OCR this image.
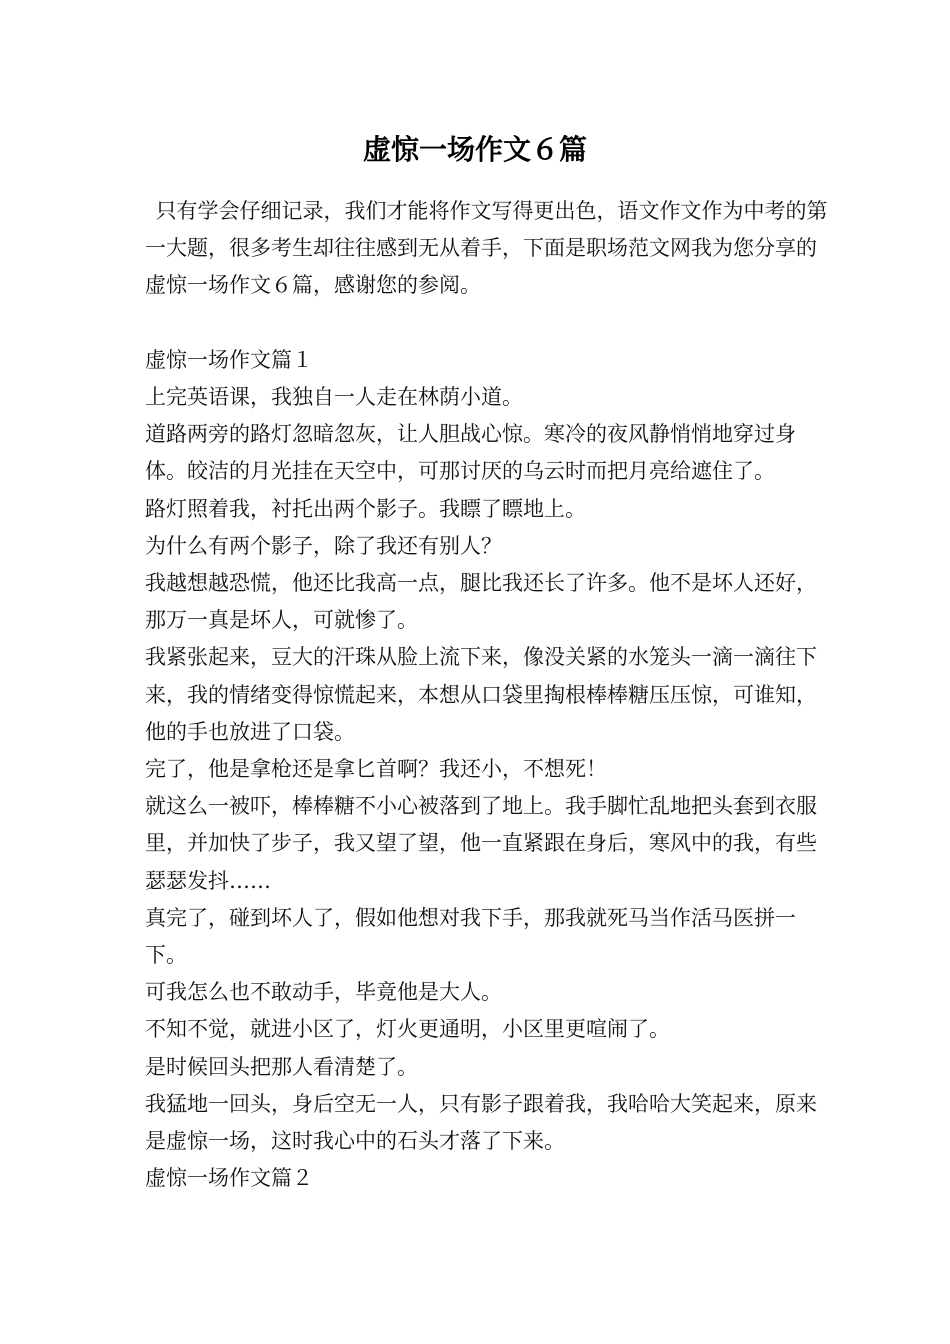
虚惊一场作文６篇

只有学会仔细记录，我们才能将作文写得更出色，语文作文作为中考的第一大题，很多考生却往往感到无从着手，下面是职场范文网我为您分享的虚惊一场作文６篇，感谢您的参阅。

虚惊一场作文篇１

上完英语课，我独自一人走在林荫小道。

道路两旁的路灯忽暗忽灰，让人胆战心惊。寒冷的夜风静悄悄地穿过身体。皎洁的月光挂在天空中，可那讨厌的乌云时而把月亮给遮住了。

路灯照着我，衬托出两个影子。我瞟了瞟地上。

为什么有两个影子，除了我还有别人？

我越想越恐慌，他还比我高一点，腿比我还长了许多。他不是坏人还好，那万一真是坏人，可就惨了。

我紧张起来，豆大的汗珠从脸上流下来，像没关紧的水笼头一滴一滴往下来，我的情绪变得惊慌起来，本想从口袋里掏根棒棒糖压压惊，可谁知，他的手也放进了口袋。

完了，他是拿枪还是拿匕首啊？我还小，不想死！

就这么一被吓，棒棒糖不小心被落到了地上。我手脚忙乱地把头套到衣服里，并加快了步子，我又望了望，他一直紧跟在身后，寒风中的我，有些瑟瑟发抖……

真完了，碰到坏人了，假如他想对我下手，那我就死马当作活马医拼一下。

可我怎么也不敢动手，毕竟他是大人。

不知不觉，就进小区了，灯火更通明，小区里更喧闹了。

是时候回头把那人看清楚了。

我猛地一回头，身后空无一人，只有影子跟着我，我哈哈大笑起来，原来是虚惊一场，这时我心中的石头才落了下来。

虚惊一场作文篇２
